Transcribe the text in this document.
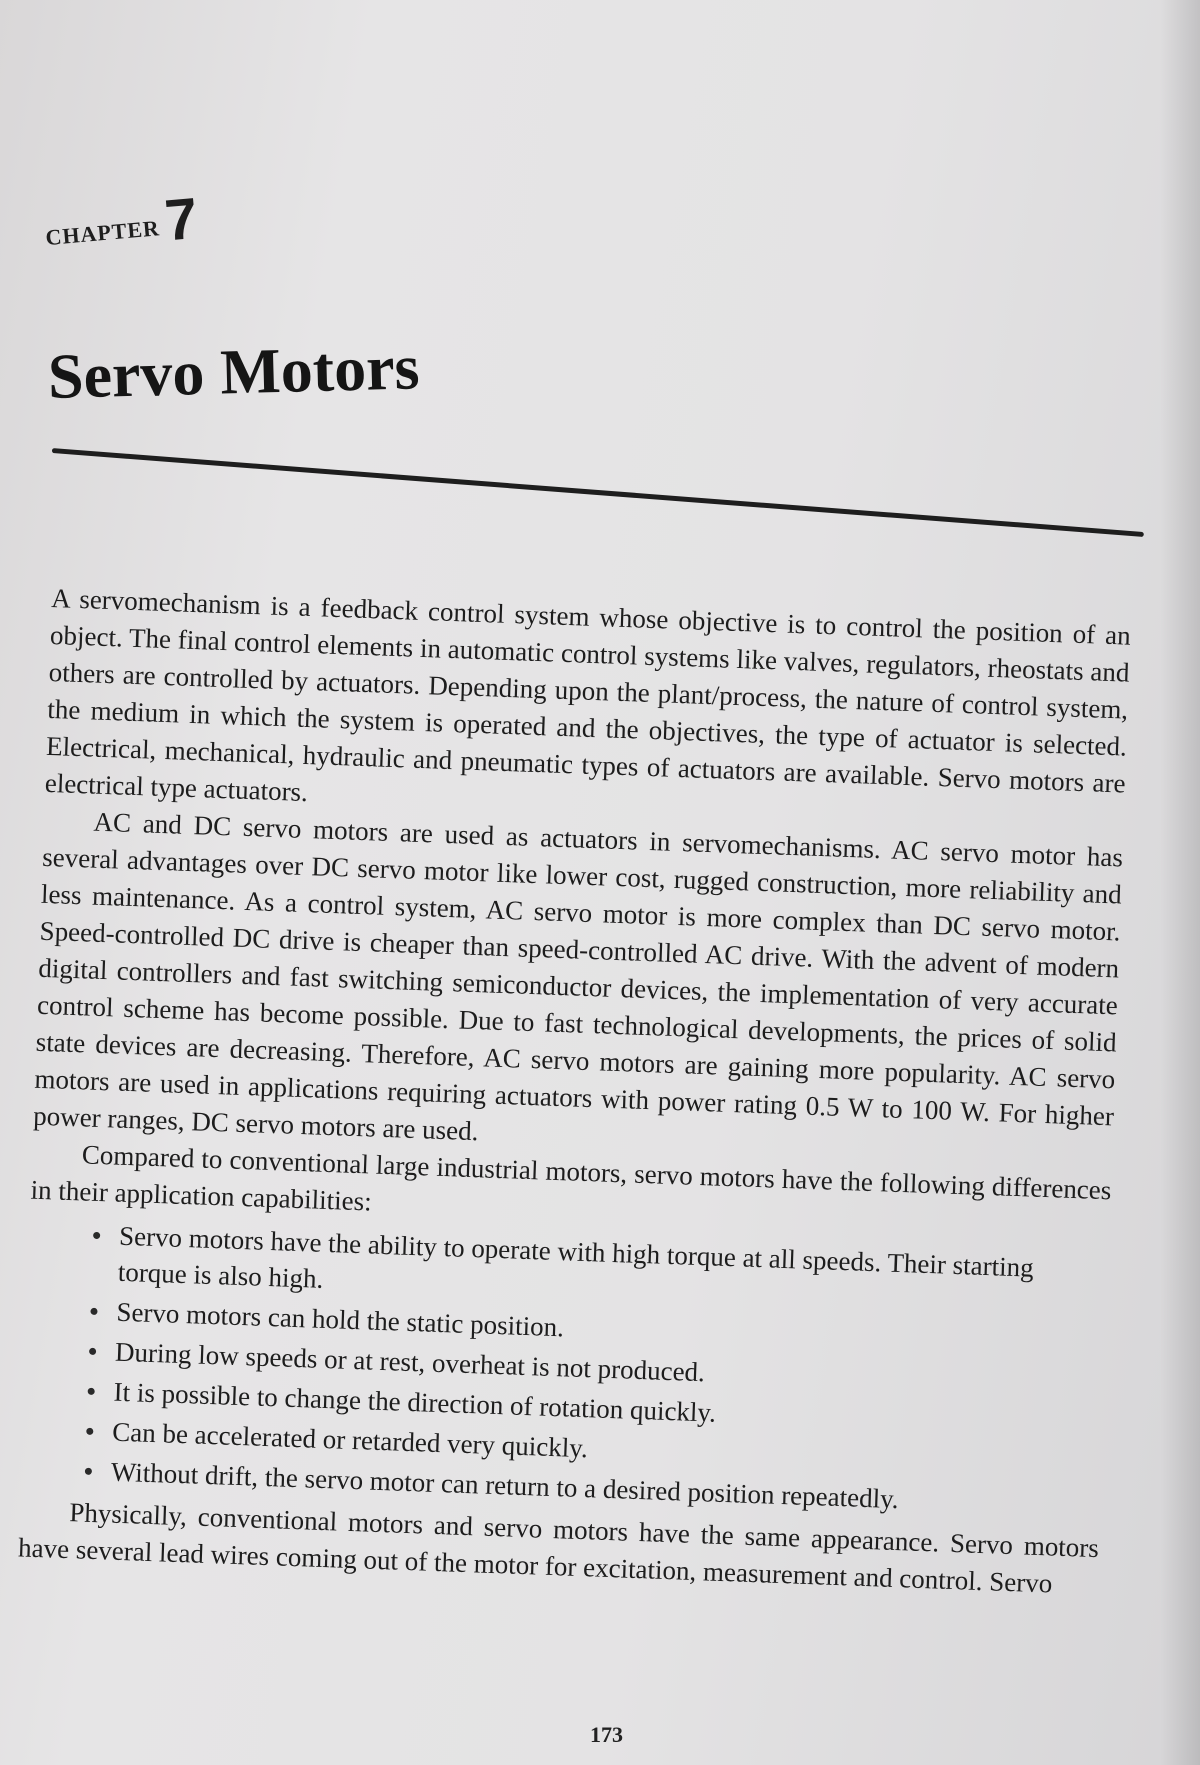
CHAPTER7
Servo Motors

A servomechanism is a feedback control system whose objective is to control the position of an object. The final control elements in automatic control systems like valves, regulators, rheostats and others are controlled by actuators. Depending upon the plant/process, the nature of control system, the medium in which the system is operated and the objectives, the type of actuator is selected. Electrical, mechanical, hydraulic and pneumatic types of actuators are available. Servo motors are electrical type actuators.

AC and DC servo motors are used as actuators in servomechanisms. AC servo motor has several advantages over DC servo motor like lower cost, rugged construction, more reliability and less maintenance. As a control system, AC servo motor is more complex than DC servo motor. Speed-controlled DC drive is cheaper than speed-controlled AC drive. With the advent of modern digital controllers and fast switching semiconductor devices, the implementation of very accurate control scheme has become possible. Due to fast technological developments, the prices of solid state devices are decreasing. Therefore, AC servo motors are gaining more popularity. AC servo motors are used in applications requiring actuators with power rating 0.5 W to 100 W. For higher power ranges, DC servo motors are used.

Compared to conventional large industrial motors, servo motors have the following differences in their application capabilities:

Servo motors have the ability to operate with high torque at all speeds. Their starting torque is also high.
Servo motors can hold the static position.
During low speeds or at rest, overheat is not produced.
It is possible to change the direction of rotation quickly.
Can be accelerated or retarded very quickly.
Without drift, the servo motor can return to a desired position repeatedly.

Physically, conventional motors and servo motors have the same appearance. Servo motors have several lead wires coming out of the motor for excitation, measurement and control. Servo

173
